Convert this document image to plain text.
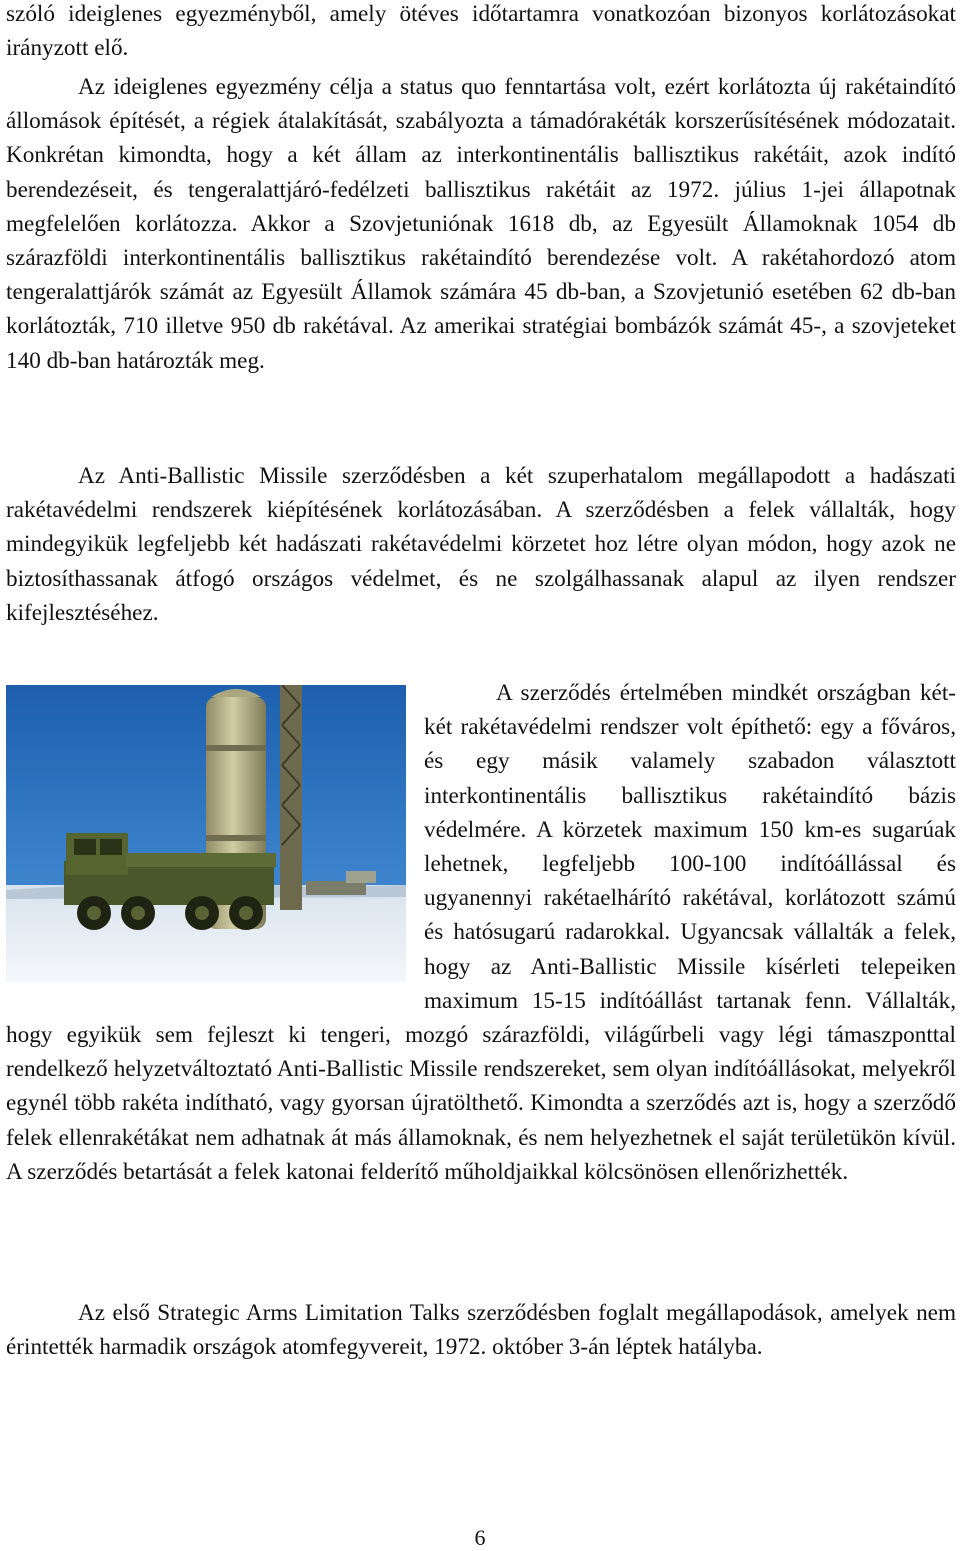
szóló ideiglenes egyezményből, amely ötéves időtartamra vonatkozóan bizonyos korlátozásokat irányzott elő.

Az ideiglenes egyezmény célja a status quo fenntartása volt, ezért korlátozta új rakétaindító állomások építését, a régiek átalakítását, szabályozta a támadórakéták korszerűsítésének módozatait. Konkrétan kimondta, hogy a két állam az interkontinentális ballisztikus rakétáit, azok indító berendezéseit, és tengeralattjáró-fedélzeti ballisztikus rakétáit az 1972. július 1-jei állapotnak megfelelően korlátozza. Akkor a Szovjetuniónak 1618 db, az Egyesült Államoknak 1054 db szárazföldi interkontinentális ballisztikus rakétaindító berendezése volt. A rakétahordozó atom tengeralattjárók számát az Egyesült Államok számára 45 db-ban, a Szovjetunió esetében 62 db-ban korlátozták, 710 illetve 950 db rakétával. Az amerikai stratégiai bombázók számát 45-, a szovjeteket 140 db-ban határozták meg.

Az Anti-Ballistic Missile szerződésben a két szuperhatalom megállapodott a hadászati rakétavédelmi rendszerek kiépítésének korlátozásában. A szerződésben a felek vállalták, hogy mindegyikük legfeljebb két hadászati rakétavédelmi körzetet hoz létre olyan módon, hogy azok ne biztosíthassanak átfogó országos védelmet, és ne szolgálhassanak alapul az ilyen rendszer kifejlesztéséhez.

A szerződés értelmében mindkét országban két-két rakétavédelmi rendszer volt építhető: egy a főváros, és egy másik valamely szabadon választott interkontinentális ballisztikus rakétaindító bázis védelmére. A körzetek maximum 150 km-es sugarúak lehetnek, legfeljebb 100-100 indítóállással és ugyanennyi rakétaelhárító rakétával, korlátozott számú és hatósugarú radarokkal. Ugyancsak vállalták a felek, hogy az Anti-Ballistic Missile kísérleti telepeiken maximum 15-15 indítóállást tartanak fenn. Vállalták, hogy egyikük sem fejleszt ki tengeri, mozgó szárazföldi, világűrbeli vagy légi támaszponttal rendelkező helyzetváltoztató Anti-Ballistic Missile rendszereket, sem olyan indítóállásokat, melyekről egynél több rakéta indítható, vagy gyorsan újratölthető. Kimondta a szerződés azt is, hogy a szerződő felek ellenrakétákat nem adhatnak át más államoknak, és nem helyezhetnek el saját területükön kívül. A szerződés betartását a felek katonai felderítő műholdjaikkal kölcsönösen ellenőrizhették.

Az első Strategic Arms Limitation Talks szerződésben foglalt megállapodások, amelyek nem érintették harmadik országok atomfegyvereit, 1972. október 3-án léptek hatályba.

6
